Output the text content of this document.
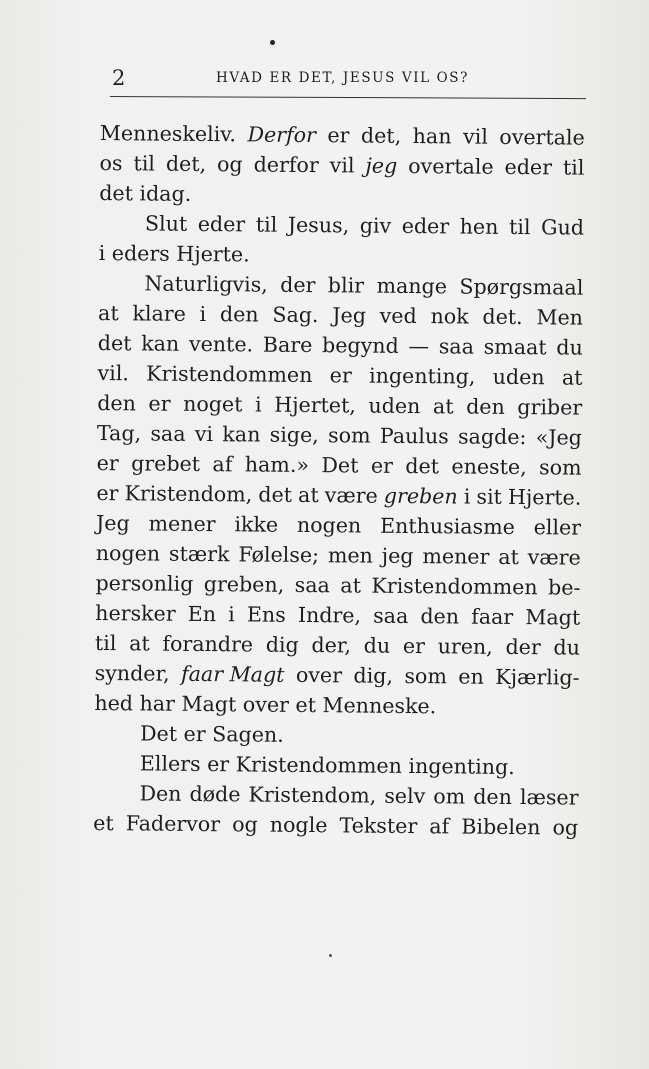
2	HVAD ER DET, JESUS VIL OS?
Menneskeliv. Derfor er det, han vil overtale
os til det, og derfor vil jeg overtale eder til
det idag.
Slut eder til Jesus, giv eder hen til Gud
i eders Hjerte.
Naturligvis, der blir mange Spørgsmaal
at klare i den Sag. Jeg ved nok det. Men
det kan vente. Bare begynd — saa smaat du
vil. Kristendommen er ingenting, uden at
den er noget i Hjertet, uden at den griber
Tag, saa vi kan sige, som Paulus sagde: «Jeg
er grebet af ham.» Det er det eneste, som
er Kristendom, det at være greben i sit Hjerte.
Jeg mener ikke nogen Enthusiasme eller
nogen stærk Følelse; men jeg mener at være
personlig greben, saa at Kristendommen be-
hersker En i Ens Indre, saa den faar Magt
til at forandre dig der, du er uren, der du
synder, faar Magt over dig, som en Kjærlig-
hed har Magt over et Menneske.
Det er Sagen.
Ellers er Kristendommen ingenting.
Den døde Kristendom, selv om den læser
et Fadervor og nogle Tekster af Bibelen og
